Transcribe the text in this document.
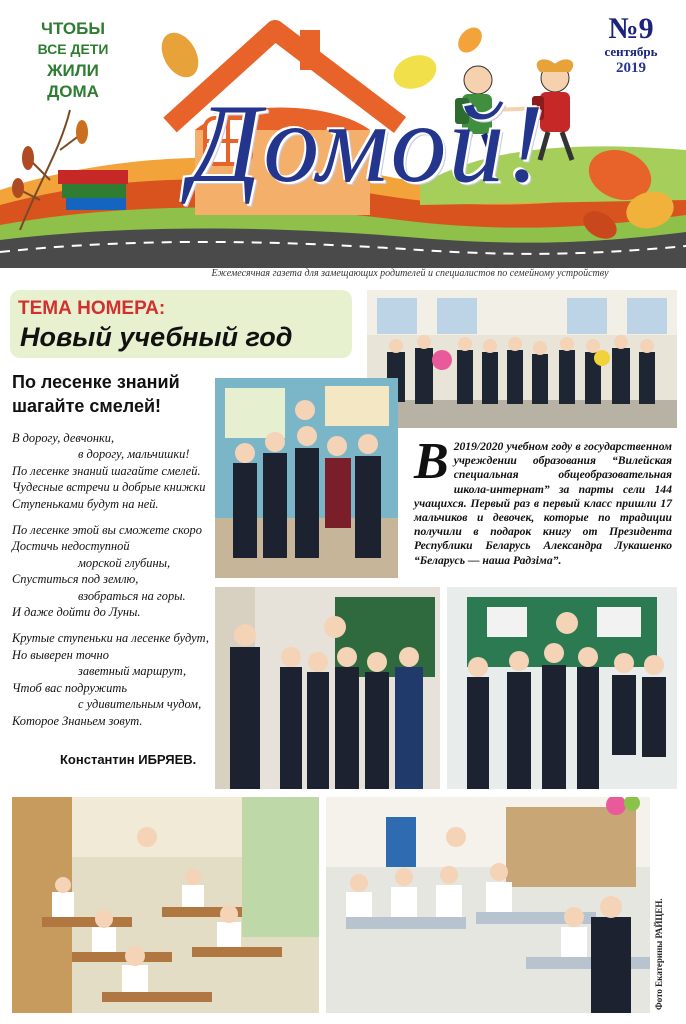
ЧТОБЫ
ВСЕ ДЕТИ
ЖИЛИ
ДОМА Домой!
№9
сентябрь
2019
Ежемесячная газета для замещающих родителей и специалистов по семейному устройству
ТЕМА НОМЕРА:
Новый учебный год
По лесенке знаний
шагайте смелей!
В дорогу, девчонки,
в дорогу, мальчишки!
По лесенке знаний шагайте смелей.
Чудесные встречи и добрые книжки
Ступеньками будут на ней.
По лесенке этой вы сможете скоро
Достичь недоступной
морской глубины,
Спуститься под землю,
взобраться на горы.
И даже дойти до Луны.
Крутые ступеньки на лесенке будут,
Но выверен точно
заветный маршрут,
Чтоб вас подружить
с удивительным чудом,
Которое Знаньем зовут.
Константин ИБРЯЕВ.
В 2019/2020 учебном году в государственном учреждении образования “Вилейская специальная общеобразовательная школа-интернат” за парты сели 144 учащихся. Первый раз в первый класс пришли 17 мальчиков и девочек, которые по традиции получили в подарок книгу от Президента Республики Беларусь Александра Лукашенко “Беларусь — наша Радзіма”.
Фото Екатерины РАЙЦЕН.
